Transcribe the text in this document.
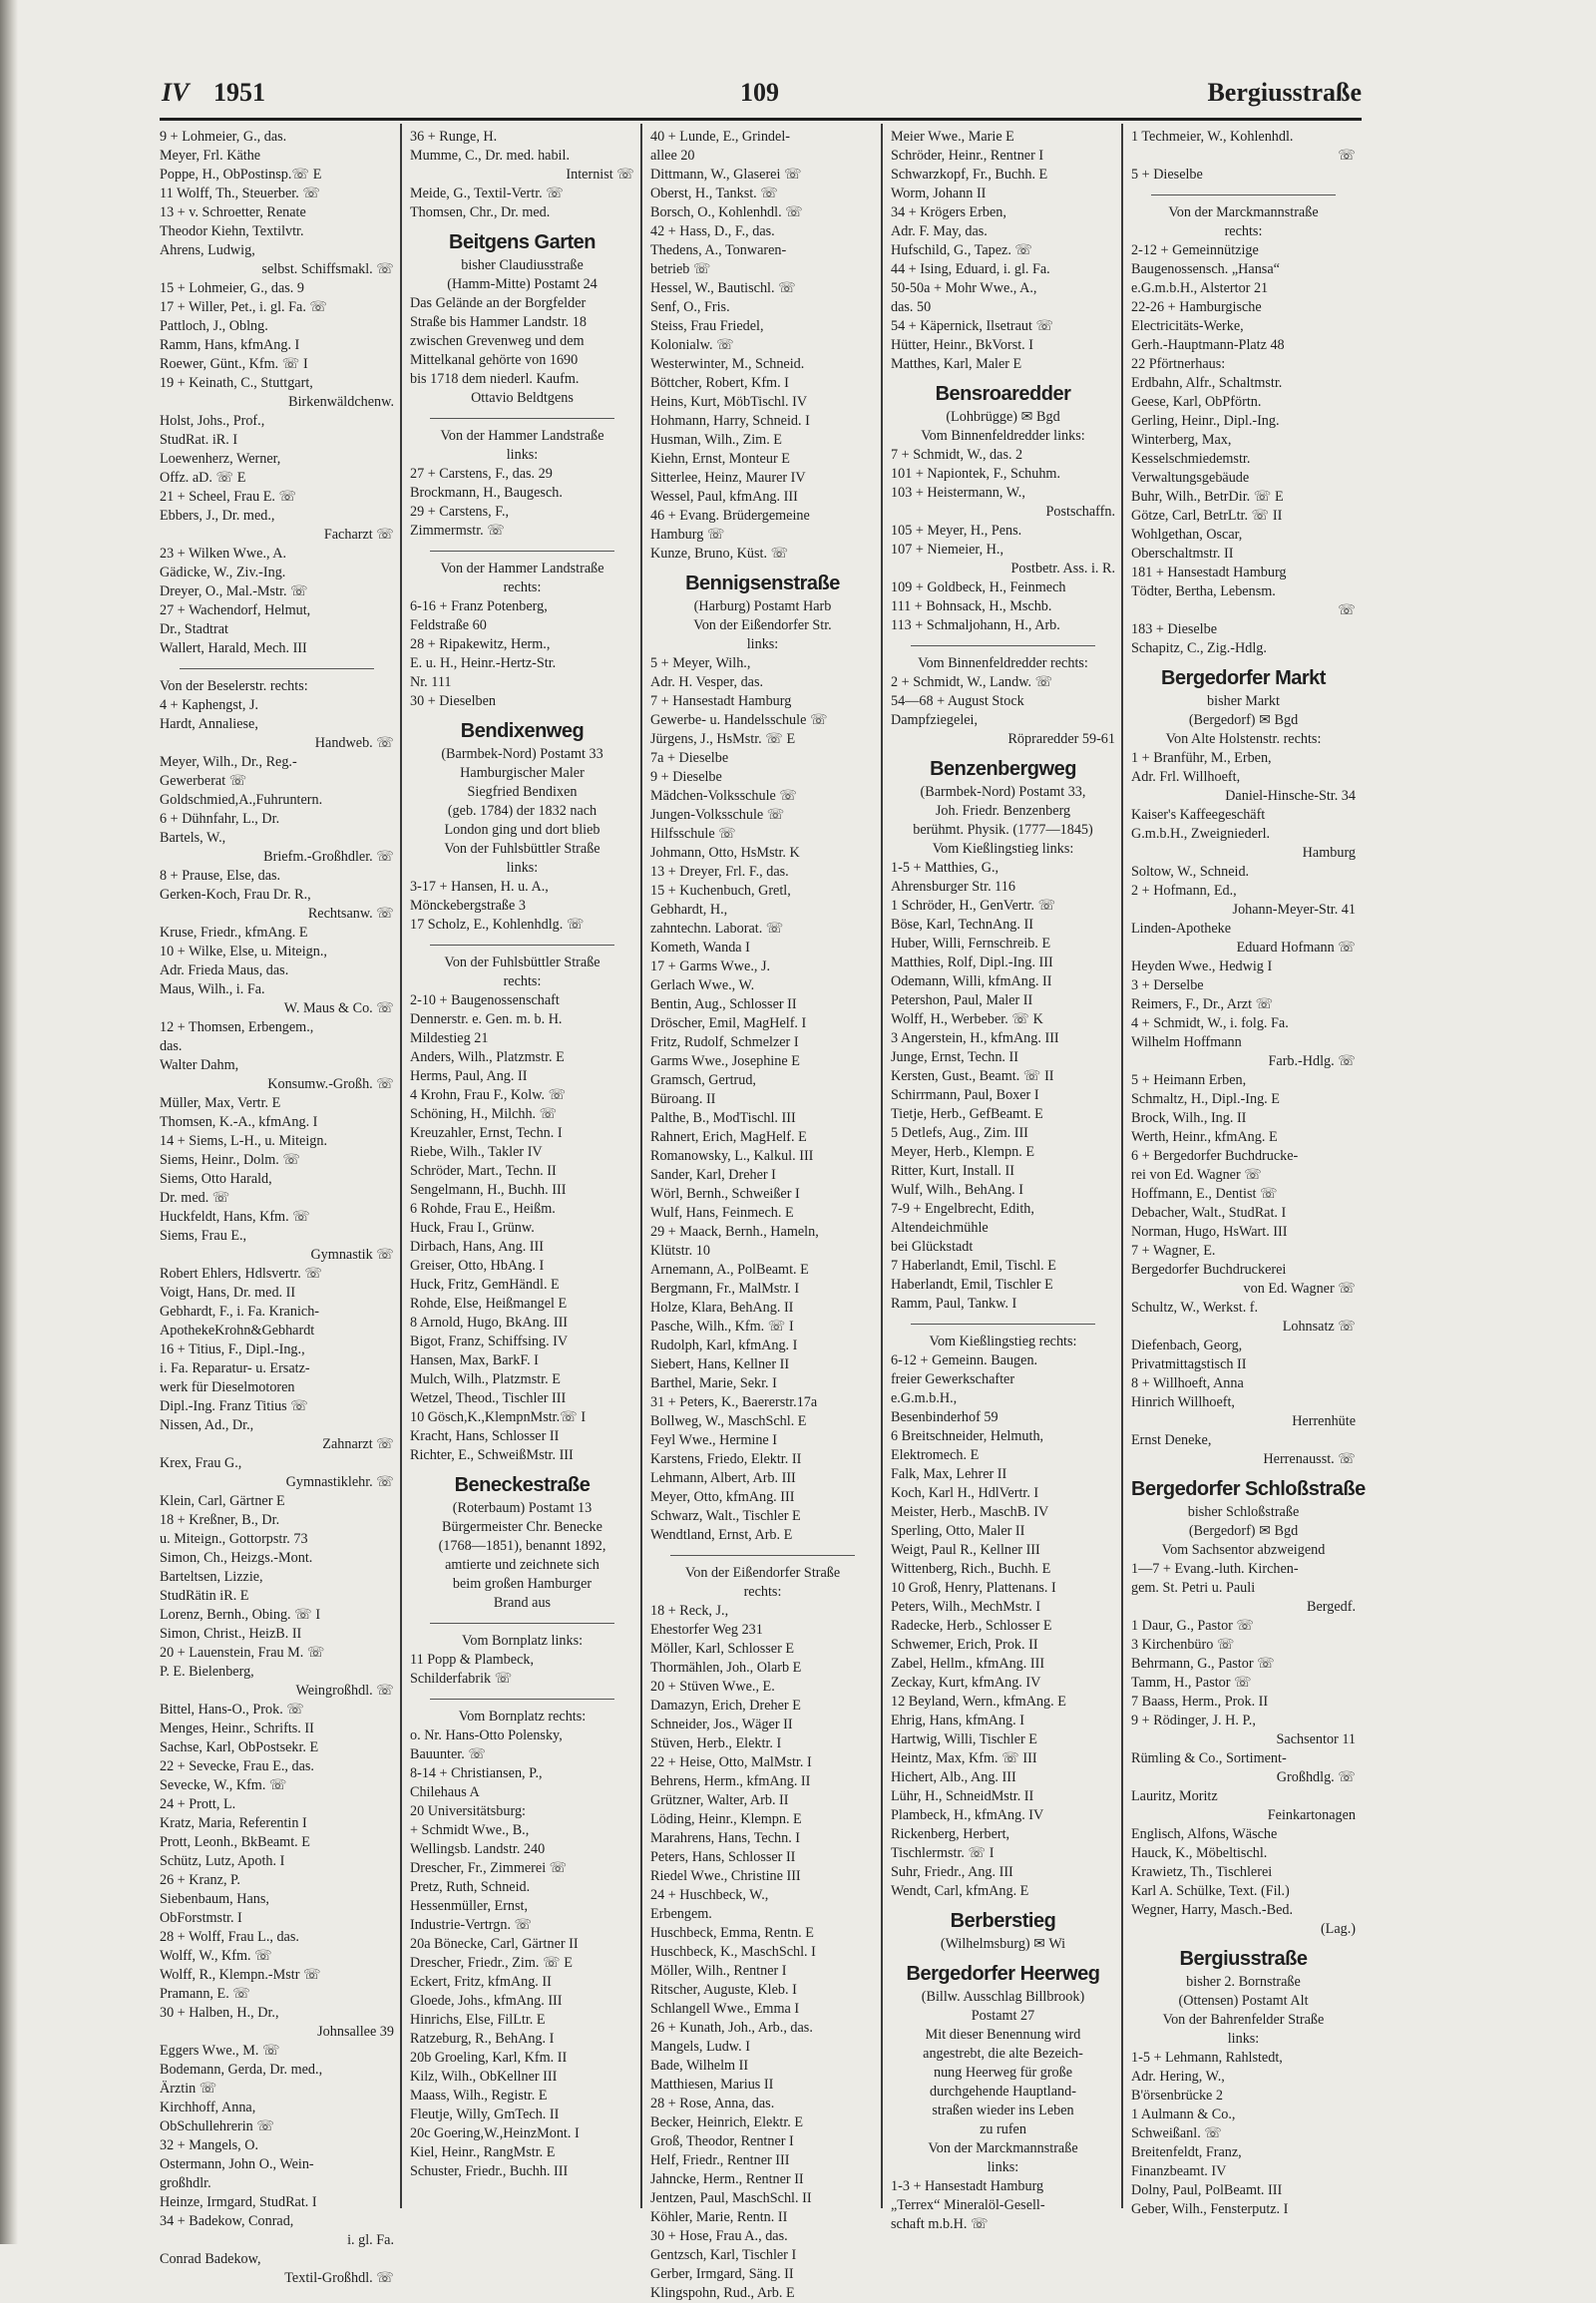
IV 1951	109	Bergiusstraße
9 + Lohmeier, G., das.
Meyer, Frl. Käthe
Poppe, H., ObPostinsp.☏ E
11 Wolff, Th., Steuerber. ☏
13 + v. Schroetter, Renate
Theodor Kiehn, Textilvtr.
Ahrens, Ludwig,
selbst. Schiffsmakl. ☏
15 + Lohmeier, G., das. 9
17 + Willer, Pet., i. gl. Fa. ☏
Pattloch, J., Oblng.
Ramm, Hans, kfmAng. I
Roewer, Günt., Kfm. ☏ I
19 + Keinath, C., Stuttgart,
Birkenwäldchenw.
Holst, Johs., Prof.,
StudRat. iR. I
Loewenherz, Werner,
Offz. aD. ☏ E
21 + Scheel, Frau E. ☏
Ebbers, J., Dr. med.,
Facharzt ☏
23 + Wilken Wwe., A.
Gädicke, W., Ziv.-Ing.
Dreyer, O., Mal.-Mstr. ☏
27 + Wachendorf, Helmut,
Dr., Stadtrat
Wallert, Harald, Mech. III
Von der Beselerstr. rechts:
4 + Kaphengst, J.
Hardt, Annaliese,
Handweb. ☏
Meyer, Wilh., Dr., Reg.-
Gewerberat ☏
Goldschmied,A.,Fuhruntern.
6 + Dühnfahr, L., Dr.
Bartels, W.,
Briefm.-Großhdler. ☏
8 + Prause, Else, das.
Gerken-Koch, Frau Dr. R.,
Rechtsanw. ☏
Kruse, Friedr., kfmAng. E
10 + Wilke, Else, u. Miteign.,
Adr. Frieda Maus, das.
Maus, Wilh., i. Fa.
W. Maus & Co. ☏
12 + Thomsen, Erbengem.,
das.
Walter Dahm,
Konsumw.-Großh. ☏
Müller, Max, Vertr. E
Thomsen, K.-A., kfmAng. I
14 + Siems, L-H., u. Miteign.
Siems, Heinr., Dolm. ☏
Siems, Otto Harald,
Dr. med. ☏
Huckfeldt, Hans, Kfm. ☏
Siems, Frau E.,
Gymnastik ☏
Robert Ehlers, Hdlsvertr. ☏
Voigt, Hans, Dr. med. II
Gebhardt, F., i. Fa. Kranich-
ApothekeKrohn&Gebhardt
16 + Titius, F., Dipl.-Ing.,
i. Fa. Reparatur- u. Ersatz-
werk für Dieselmotoren
Dipl.-Ing. Franz Titius ☏
Nissen, Ad., Dr.,
Zahnarzt ☏
Krex, Frau G.,
Gymnastiklehr. ☏
Klein, Carl, Gärtner E
18 + Kreßner, B., Dr.
u. Miteign., Gottorpstr. 73
Simon, Ch., Heizgs.-Mont.
Barteltsen, Lizzie,
StudRätin iR. E
Lorenz, Bernh., Obing. ☏ I
Simon, Christ., HeizB. II
20 + Lauenstein, Frau M. ☏
P. E. Bielenberg,
Weingroßhdl. ☏
Bittel, Hans-O., Prok. ☏
Menges, Heinr., Schrifts. II
Sachse, Karl, ObPostsekr. E
22 + Sevecke, Frau E., das.
Sevecke, W., Kfm. ☏
24 + Prott, L.
Kratz, Maria, Referentin I
Prott, Leonh., BkBeamt. E
Schütz, Lutz, Apoth. I
26 + Kranz, P.
Siebenbaum, Hans,
ObForstmstr. I
28 + Wolff, Frau L., das.
Wolff, W., Kfm. ☏
Wolff, R., Klempn.-Mstr ☏
Pramann, E. ☏
30 + Halben, H., Dr.,
Johnsallee 39
Eggers Wwe., M. ☏
Bodemann, Gerda, Dr. med.,
Ärztin ☏
Kirchhoff, Anna,
ObSchullehrerin ☏
32 + Mangels, O.
Ostermann, John O., Wein-
großhdlr.
Heinze, Irmgard, StudRat. I
34 + Badekow, Conrad,
i. gl. Fa.
Conrad Badekow,
Textil-Großhdl. ☏
36 + Runge, H.
Mumme, C., Dr. med. habil.
Internist ☏
Meide, G., Textil-Vertr. ☏
Thomsen, Chr., Dr. med.
Beitgens Garten
bisher Claudiusstraße
(Hamm-Mitte) Postamt 24
Das Gelände an der Borgfelder
Straße bis Hammer Landstr. 18
zwischen Grevenweg und dem
Mittelkanal gehörte von 1690
bis 1718 dem niederl. Kaufm.
Ottavio Beldtgens
Von der Hammer Landstraße
links:
27 + Carstens, F., das. 29
Brockmann, H., Baugesch.
29 + Carstens, F.,
Zimmermstr. ☏
Von der Hammer Landstraße
rechts:
6-16 + Franz Potenberg,
Feldstraße 60
28 + Ripakewitz, Herm.,
E. u. H., Heinr.-Hertz-Str.
Nr. 111
30 + Dieselben
Bendixenweg
(Barmbek-Nord) Postamt 33
Hamburgischer Maler
Siegfried Bendixen
(geb. 1784) der 1832 nach
London ging und dort blieb
Von der Fuhlsbüttler Straße
links:
3-17 + Hansen, H. u. A.,
Mönckebergstraße 3
17 Scholz, E., Kohlenhdlg. ☏
Von der Fuhlsbüttler Straße
rechts:
2-10 + Baugenossenschaft
Dennerstr. e. Gen. m. b. H.
Mildestieg 21
Anders, Wilh., Platzmstr. E
Herms, Paul, Ang. II
4 Krohn, Frau F., Kolw. ☏
Schöning, H., Milchh. ☏
Kreuzahler, Ernst, Techn. I
Riebe, Wilh., Takler IV
Schröder, Mart., Techn. II
Sengelmann, H., Buchh. III
6 Rohde, Frau E., Heißm.
Huck, Frau I., Grünw.
Dirbach, Hans, Ang. III
Greiser, Otto, HbAng. I
Huck, Fritz, GemHändl. E
Rohde, Else, Heißmangel E
8 Arnold, Hugo, BkAng. III
Bigot, Franz, Schiffsing. IV
Hansen, Max, BarkF. I
Mulch, Wilh., Platzmstr. E
Wetzel, Theod., Tischler III
10 Gösch,K.,KlempnMstr.☏ I
Kracht, Hans, Schlosser II
Richter, E., SchweißMstr. III
Beneckestraße
(Roterbaum) Postamt 13
Bürgermeister Chr. Benecke
(1768—1851), benannt 1892,
amtierte und zeichnete sich
beim großen Hamburger
Brand aus
Vom Bornplatz links:
11 Popp & Plambeck,
Schilderfabrik ☏
Vom Bornplatz rechts:
o. Nr. Hans-Otto Polensky,
Bauunter. ☏
8-14 + Christiansen, P.,
Chilehaus A
20 Universitätsburg:
+ Schmidt Wwe., B.,
Wellingsb. Landstr. 240
Drescher, Fr., Zimmerei ☏
Pretz, Ruth, Schneid.
Hessenmüller, Ernst,
Industrie-Vertrgn. ☏
20a Bönecke, Carl, Gärtner II
Drescher, Friedr., Zim. ☏ E
Eckert, Fritz, kfmAng. II
Gloede, Johs., kfmAng. III
Hinrichs, Else, FilLtr. E
Ratzeburg, R., BehAng. I
20b Groeling, Karl, Kfm. II
Kilz, Wilh., ObKellner III
Maass, Wilh., Registr. E
Fleutje, Willy, GmTech. II
20c Goering,W.,HeinzMont. I
Kiel, Heinr., RangMstr. E
Schuster, Friedr., Buchh. III
40 + Lunde, E., Grindel-
allee 20
Dittmann, W., Glaserei ☏
Oberst, H., Tankst. ☏
Borsch, O., Kohlenhdl. ☏
42 + Hass, D., F., das.
Thedens, A., Tonwaren-
betrieb ☏
Hessel, W., Bautischl. ☏
Senf, O., Fris.
Steiss, Frau Friedel,
Kolonialw. ☏
Westerwinter, M., Schneid.
Böttcher, Robert, Kfm. I
Heins, Kurt, MöbTischl. IV
Hohmann, Harry, Schneid. I
Husman, Wilh., Zim. E
Kiehn, Ernst, Monteur E
Sitterlee, Heinz, Maurer IV
Wessel, Paul, kfmAng. III
46 + Evang. Brüdergemeine
Hamburg ☏
Kunze, Bruno, Küst. ☏
Bennigsenstraße
(Harburg) Postamt Harb
Von der Eißendorfer Str.
links:
5 + Meyer, Wilh.,
Adr. H. Vesper, das.
7 + Hansestadt Hamburg
Gewerbe- u. Handelsschule ☏
Jürgens, J., HsMstr. ☏ E
7a + Dieselbe
9 + Dieselbe
Mädchen-Volksschule ☏
Jungen-Volksschule ☏
Hilfsschule ☏
Johmann, Otto, HsMstr. K
13 + Dreyer, Frl. F., das.
15 + Kuchenbuch, Gretl,
Gebhardt, H.,
zahntechn. Laborat. ☏
Kometh, Wanda I
17 + Garms Wwe., J.
Gerlach Wwe., W.
Bentin, Aug., Schlosser II
Dröscher, Emil, MagHelf. I
Fritz, Rudolf, Schmelzer I
Garms Wwe., Josephine E
Gramsch, Gertrud,
Büroang. II
Palthe, B., ModTischl. III
Rahnert, Erich, MagHelf. E
Romanowsky, L., Kalkul. III
Sander, Karl, Dreher I
Wörl, Bernh., Schweißer I
Wulf, Hans, Feinmech. E
29 + Maack, Bernh., Hameln,
Klütstr. 10
Arnemann, A., PolBeamt. E
Bergmann, Fr., MalMstr. I
Holze, Klara, BehAng. II
Pasche, Wilh., Kfm. ☏ I
Rudolph, Karl, kfmAng. I
Siebert, Hans, Kellner II
Barthel, Marie, Sekr. I
31 + Peters, K., Baererstr.17a
Bollweg, W., MaschSchl. E
Feyl Wwe., Hermine I
Karstens, Friedo, Elektr. II
Lehmann, Albert, Arb. III
Meyer, Otto, kfmAng. III
Schwarz, Walt., Tischler E
Wendtland, Ernst, Arb. E
Von der Eißendorfer Straße
rechts:
18 + Reck, J.,
Ehestorfer Weg 231
Möller, Karl, Schlosser E
Thormählen, Joh., Olarb E
20 + Stüven Wwe., E.
Damazyn, Erich, Dreher E
Schneider, Jos., Wäger II
Stüven, Herb., Elektr. I
22 + Heise, Otto, MalMstr. I
Behrens, Herm., kfmAng. II
Grützner, Walter, Arb. II
Löding, Heinr., Klempn. E
Marahrens, Hans, Techn. I
Peters, Hans, Schlosser II
Riedel Wwe., Christine III
24 + Huschbeck, W.,
Erbengem.
Huschbeck, Emma, Rentn. E
Huschbeck, K., MaschSchl. I
Möller, Wilh., Rentner I
Ritscher, Auguste, Kleb. I
Schlangell Wwe., Emma I
26 + Kunath, Joh., Arb., das.
Mangels, Ludw. I
Bade, Wilhelm II
Matthiesen, Marius II
28 + Rose, Anna, das.
Becker, Heinrich, Elektr. E
Groß, Theodor, Rentner I
Helf, Friedr., Rentner III
Jahncke, Herm., Rentner II
Jentzen, Paul, MaschSchl. II
Köhler, Marie, Rentn. II
30 + Hose, Frau A., das.
Gentzsch, Karl, Tischler I
Gerber, Irmgard, Säng. II
Klingspohn, Rud., Arb. E
Meier Wwe., Marie E
Schröder, Heinr., Rentner I
Schwarzkopf, Fr., Buchh. E
Worm, Johann II
34 + Krögers Erben,
Adr. F. May, das.
Hufschild, G., Tapez. ☏
44 + Ising, Eduard, i. gl. Fa.
50-50a + Mohr Wwe., A.,
das. 50
54 + Käpernick, Ilsetraut ☏
Hütter, Heinr., BkVorst. I
Matthes, Karl, Maler E
Bensroaredder
(Lohbrügge) ✉ Bgd
Vom Binnenfeldredder links:
7 + Schmidt, W., das. 2
101 + Napiontek, F., Schuhm.
103 + Heistermann, W.,
Postschaffn.
105 + Meyer, H., Pens.
107 + Niemeier, H.,
Postbetr. Ass. i. R.
109 + Goldbeck, H., Feinmech
111 + Bohnsack, H., Mschb.
113 + Schmaljohann, H., Arb.
Vom Binnenfeldredder rechts:
2 + Schmidt, W., Landw. ☏
54—68 + August Stock
Dampfziegelei,
Röpraredder 59-61
Benzenbergweg
(Barmbek-Nord) Postamt 33,
Joh. Friedr. Benzenberg
berühmt. Physik. (1777—1845)
Vom Kießlingstieg links:
1-5 + Matthies, G.,
Ahrensburger Str. 116
1 Schröder, H., GenVertr. ☏
Böse, Karl, TechnAng. II
Huber, Willi, Fernschreib. E
Matthies, Rolf, Dipl.-Ing. III
Odemann, Willi, kfmAng. II
Petershon, Paul, Maler II
Wolff, H., Werbeber. ☏ K
3 Angerstein, H., kfmAng. III
Junge, Ernst, Techn. II
Kersten, Gust., Beamt. ☏ II
Schirrmann, Paul, Boxer I
Tietje, Herb., GefBeamt. E
5 Detlefs, Aug., Zim. III
Meyer, Herb., Klempn. E
Ritter, Kurt, Install. II
Wulf, Wilh., BehAng. I
7-9 + Engelbrecht, Edith,
Altendeichmühle
bei Glückstadt
7 Haberlandt, Emil, Tischl. E
Haberlandt, Emil, Tischler E
Ramm, Paul, Tankw. I
Vom Kießlingstieg rechts:
6-12 + Gemeinn. Baugen.
freier Gewerkschafter
e.G.m.b.H.,
Besenbinderhof 59
6 Breitschneider, Helmuth,
Elektromech. E
Falk, Max, Lehrer II
Koch, Karl H., HdlVertr. I
Meister, Herb., MaschB. IV
Sperling, Otto, Maler II
Weigt, Paul R., Kellner III
Wittenberg, Rich., Buchh. E
10 Groß, Henry, Plattenans. I
Peters, Wilh., MechMstr. I
Radecke, Herb., Schlosser E
Schwemer, Erich, Prok. II
Zabel, Hellm., kfmAng. III
Zeckay, Kurt, kfmAng. IV
12 Beyland, Wern., kfmAng. E
Ehrig, Hans, kfmAng. I
Hartwig, Willi, Tischler E
Heintz, Max, Kfm. ☏ III
Hichert, Alb., Ang. III
Lühr, H., SchneidMstr. II
Plambeck, H., kfmAng. IV
Rickenberg, Herbert,
Tischlermstr. ☏ I
Suhr, Friedr., Ang. III
Wendt, Carl, kfmAng. E
Berberstieg
(Wilhelmsburg) ✉ Wi
Bergedorfer Heerweg
(Billw. Ausschlag Billbrook)
Postamt 27
Mit dieser Benennung wird
angestrebt, die alte Bezeich-
nung Heerweg für große
durchgehende Hauptland-
straßen wieder ins Leben
zu rufen
Von der Marckmannstraße
links:
1-3 + Hansestadt Hamburg
„Terrex“ Mineralöl-Gesell-
schaft m.b.H. ☏
1 Techmeier, W., Kohlenhdl.
☏
5 + Dieselbe
Von der Marckmannstraße
rechts:
2-12 + Gemeinnützige
Baugenossensch. „Hansa“
e.G.m.b.H., Alstertor 21
22-26 + Hamburgische
Electricitäts-Werke,
Gerh.-Hauptmann-Platz 48
22 Pförtnerhaus:
Erdbahn, Alfr., Schaltmstr.
Geese, Karl, ObPförtn.
Gerling, Heinr., Dipl.-Ing.
Winterberg, Max,
Kesselschmiedemstr.
Verwaltungsgebäude
Buhr, Wilh., BetrDir. ☏ E
Götze, Carl, BetrLtr. ☏ II
Wohlgethan, Oscar,
Oberschaltmstr. II
181 + Hansestadt Hamburg
Tödter, Bertha, Lebensm.
☏
183 + Dieselbe
Schapitz, C., Zig.-Hdlg.
Bergedorfer Markt
bisher Markt
(Bergedorf) ✉ Bgd
Von Alte Holstenstr. rechts:
1 + Branführ, M., Erben,
Adr. Frl. Willhoeft,
Daniel-Hinsche-Str. 34
Kaiser's Kaffeegeschäft
G.m.b.H., Zweigniederl.
Hamburg
Soltow, W., Schneid.
2 + Hofmann, Ed.,
Johann-Meyer-Str. 41
Linden-Apotheke
Eduard Hofmann ☏
Heyden Wwe., Hedwig I
3 + Derselbe
Reimers, F., Dr., Arzt ☏
4 + Schmidt, W., i. folg. Fa.
Wilhelm Hoffmann
Farb.-Hdlg. ☏
5 + Heimann Erben,
Schmaltz, H., Dipl.-Ing. E
Brock, Wilh., Ing. II
Werth, Heinr., kfmAng. E
6 + Bergedorfer Buchdrucke-
rei von Ed. Wagner ☏
Hoffmann, E., Dentist ☏
Debacher, Walt., StudRat. I
Norman, Hugo, HsWart. III
7 + Wagner, E.
Bergedorfer Buchdruckerei
von Ed. Wagner ☏
Schultz, W., Werkst. f.
Lohnsatz ☏
Diefenbach, Georg,
Privatmittagstisch II
8 + Willhoeft, Anna
Hinrich Willhoeft,
Herrenhüte
Ernst Deneke,
Herrenausst. ☏
Bergedorfer Schloßstraße
bisher Schloßstraße
(Bergedorf) ✉ Bgd
Vom Sachsentor abzweigend
1—7 + Evang.-luth. Kirchen-
gem. St. Petri u. Pauli
Bergedf.
1 Daur, G., Pastor ☏
3 Kirchenbüro ☏
Behrmann, G., Pastor ☏
Tamm, H., Pastor ☏
7 Baass, Herm., Prok. II
9 + Rödinger, J. H. P.,
Sachsentor 11
Rümling & Co., Sortiment-
Großhdlg. ☏
Lauritz, Moritz
Feinkartonagen
Englisch, Alfons, Wäsche
Hauck, K., Möbeltischl.
Krawietz, Th., Tischlerei
Karl A. Schülke, Text. (Fil.)
Wegner, Harry, Masch.-Bed.
(Lag.)
Bergiusstraße
bisher 2. Bornstraße
(Ottensen) Postamt Alt
Von der Bahrenfelder Straße
links:
1-5 + Lehmann, Rahlstedt,
Adr. Hering, W.,
B'örsenbrücke 2
1 Aulmann & Co.,
Schweißanl. ☏
Breitenfeldt, Franz,
Finanzbeamt. IV
Dolny, Paul, PolBeamt. III
Geber, Wilh., Fensterputz. I
